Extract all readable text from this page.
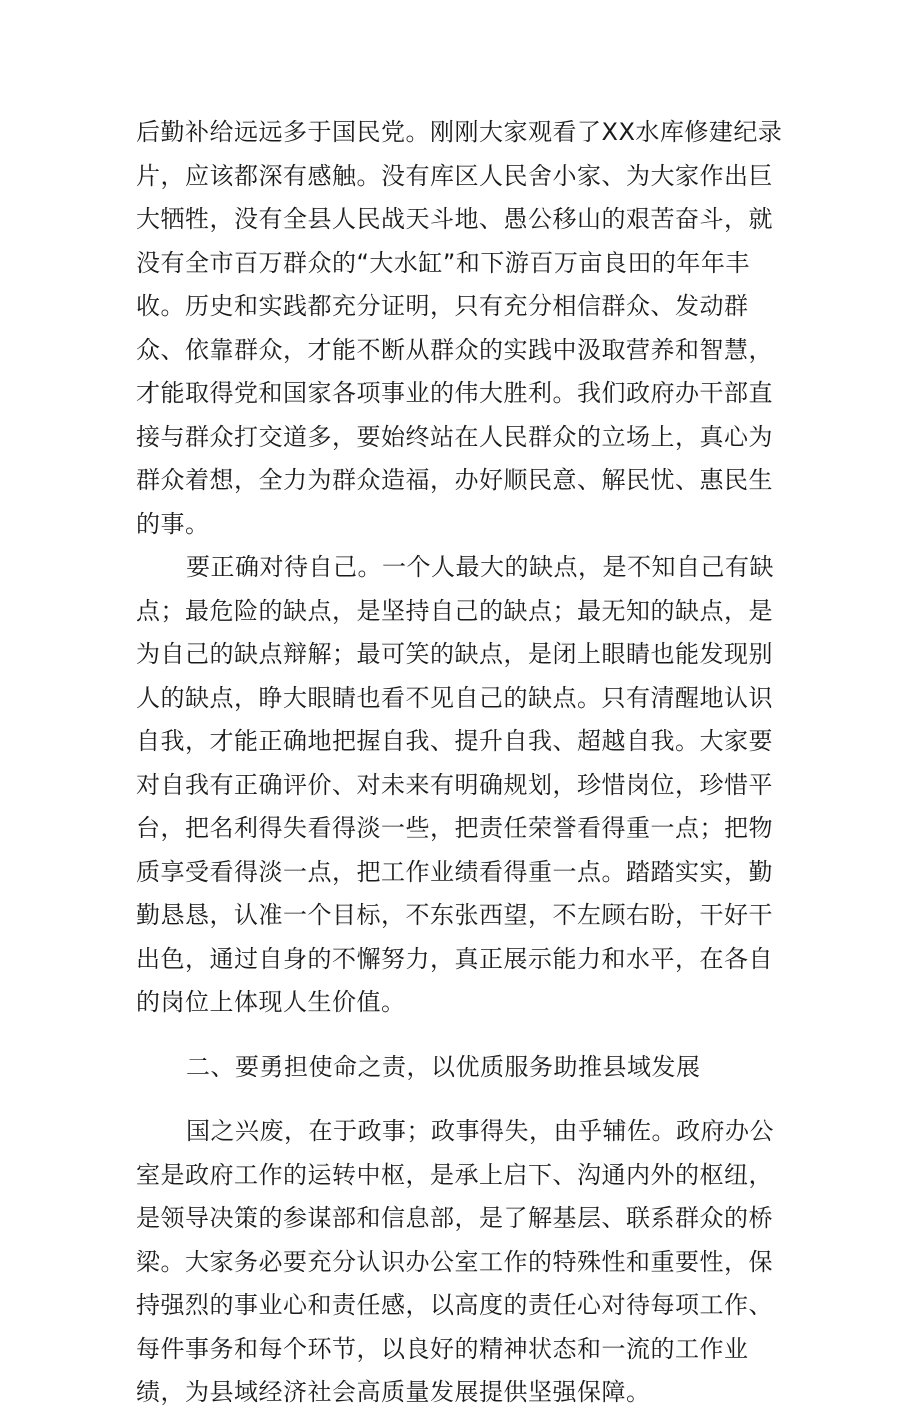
后勤补给远远多于国民党。刚刚大家观看了XX水库修建纪录片，应该都深有感触。没有库区人民舍小家、为大家作出巨大牺牲，没有全县人民战天斗地、愚公移山的艰苦奋斗，就没有全市百万群众的“大水缸”和下游百万亩良田的年年丰收。历史和实践都充分证明，只有充分相信群众、发动群众、依靠群众，才能不断从群众的实践中汲取营养和智慧，才能取得党和国家各项事业的伟大胜利。我们政府办干部直接与群众打交道多，要始终站在人民群众的立场上，真心为群众着想，全力为群众造福，办好顺民意、解民忧、惠民生的事。

要正确对待自己。一个人最大的缺点，是不知自己有缺点；最危险的缺点，是坚持自己的缺点；最无知的缺点，是为自己的缺点辩解；最可笑的缺点，是闭上眼睛也能发现别人的缺点，睁大眼睛也看不见自己的缺点。只有清醒地认识自我，才能正确地把握自我、提升自我、超越自我。大家要对自我有正确评价、对未来有明确规划，珍惜岗位，珍惜平台，把名利得失看得淡一些，把责任荣誉看得重一点；把物质享受看得淡一点，把工作业绩看得重一点。踏踏实实，勤勤恳恳，认准一个目标，不东张西望，不左顾右盼，干好干出色，通过自身的不懈努力，真正展示能力和水平，在各自的岗位上体现人生价值。

二、要勇担使命之责，以优质服务助推县域发展

国之兴废，在于政事；政事得失，由乎辅佐。政府办公室是政府工作的运转中枢，是承上启下、沟通内外的枢纽，是领导决策的参谋部和信息部，是了解基层、联系群众的桥梁。大家务必要充分认识办公室工作的特殊性和重要性，保持强烈的事业心和责任感，以高度的责任心对待每项工作、每件事务和每个环节，以良好的精神状态和一流的工作业绩，为县域经济社会高质量发展提供坚强保障。
